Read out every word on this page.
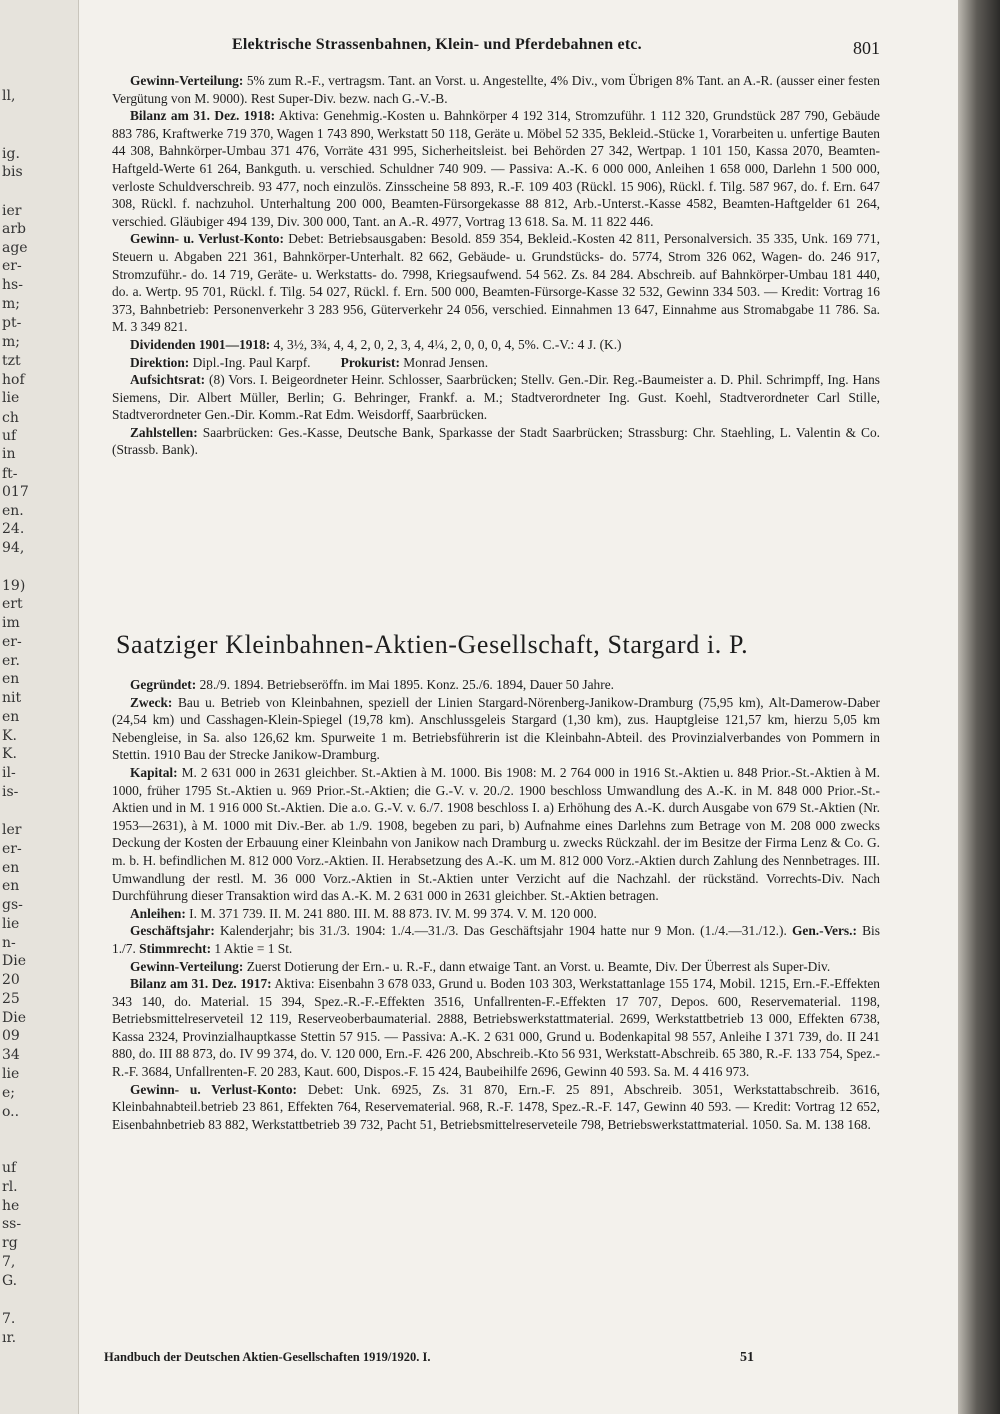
Elektrische Strassenbahnen, Klein- und Pferdebahnen etc.	801

Gewinn-Verteilung: 5% zum R.-F., vertragsm. Tant. an Vorst. u. Angestellte, 4% Div., vom Übrigen 8% Tant. an A.-R. (ausser einer festen Vergütung von M. 9000). Rest Super-Div. bezw. nach G.-V.-B.

Bilanz am 31. Dez. 1918: Aktiva: Genehmig.-Kosten u. Bahnkörper 4 192 314, Stromzuführ. 1 112 320, Grundstück 287 790, Gebäude 883 786, Kraftwerke 719 370, Wagen 1 743 890, Werkstatt 50 118, Geräte u. Möbel 52 335, Bekleid.-Stücke 1, Vorarbeiten u. unfertige Bauten 44 308, Bahnkörper-Umbau 371 476, Vorräte 431 995, Sicherheitsleist. bei Behörden 27 342, Wertpap. 1 101 150, Kassa 2070, Beamten-Haftgeld-Werte 61 264, Bankguth. u. verschied. Schuldner 740 909. — Passiva: A.-K. 6 000 000, Anleihen 1 658 000, Darlehn 1 500 000, verloste Schuldverschreib. 93 477, noch einzulös. Zinsscheine 58 893, R.-F. 109 403 (Rückl. 15 906), Rückl. f. Tilg. 587 967, do. f. Ern. 647 308, Rückl. f. nachzuhol. Unterhaltung 200 000, Beamten-Fürsorgekasse 88 812, Arb.-Unterst.-Kasse 4582, Beamten-Haftgelder 61 264, verschied. Gläubiger 494 139, Div. 300 000, Tant. an A.-R. 4977, Vortrag 13 618. Sa. M. 11 822 446.

Gewinn- u. Verlust-Konto: Debet: Betriebsausgaben: Besold. 859 354, Bekleid.-Kosten 42 811, Personalversich. 35 335, Unk. 169 771, Steuern u. Abgaben 221 361, Bahnkörper-Unterhalt. 82 662, Gebäude- u. Grundstücks- do. 5774, Strom 326 062, Wagen- do. 246 917, Stromzuführ.- do. 14 719, Geräte- u. Werkstatts- do. 7998, Kriegsaufwend. 54 562. Zs. 84 284. Abschreib. auf Bahnkörper-Umbau 181 440, do. a. Wertp. 95 701, Rückl. f. Tilg. 54 027, Rückl. f. Ern. 500 000, Beamten-Fürsorge-Kasse 32 532, Gewinn 334 503. — Kredit: Vortrag 16 373, Bahnbetrieb: Personenverkehr 3 283 956, Güterverkehr 24 056, verschied. Einnahmen 13 647, Einnahme aus Stromabgabe 11 786. Sa. M. 3 349 821.

Dividenden 1901—1918: 4, 3½, 3¾, 4, 4, 2, 0, 2, 3, 4, 4¼, 2, 0, 0, 0, 4, 5%. C.-V.: 4 J. (K.)

Direktion: Dipl.-Ing. Paul Karpf. Prokurist: Monrad Jensen.

Aufsichtsrat: (8) Vors. I. Beigeordneter Heinr. Schlosser, Saarbrücken; Stellv. Gen.-Dir. Reg.-Baumeister a. D. Phil. Schrimpff, Ing. Hans Siemens, Dir. Albert Müller, Berlin; G. Behringer, Frankf. a. M.; Stadtverordneter Ing. Gust. Koehl, Stadtverordneter Carl Stille, Stadtverordneter Gen.-Dir. Komm.-Rat Edm. Weisdorff, Saarbrücken.

Zahlstellen: Saarbrücken: Ges.-Kasse, Deutsche Bank, Sparkasse der Stadt Saarbrücken; Strassburg: Chr. Staehling, L. Valentin & Co. (Strassb. Bank).

Saatziger Kleinbahnen-Aktien-Gesellschaft, Stargard i. P.

Gegründet: 28./9. 1894. Betriebseröffn. im Mai 1895. Konz. 25./6. 1894, Dauer 50 Jahre.

Zweck: Bau u. Betrieb von Kleinbahnen, speziell der Linien Stargard-Nörenberg-Janikow-Dramburg (75,95 km), Alt-Damerow-Daber (24,54 km) und Casshagen-Klein-Spiegel (19,78 km). Anschlussgeleis Stargard (1,30 km), zus. Hauptgleise 121,57 km, hierzu 5,05 km Nebengleise, in Sa. also 126,62 km. Spurweite 1 m. Betriebsführerin ist die Kleinbahn-Abteil. des Provinzialverbandes von Pommern in Stettin. 1910 Bau der Strecke Janikow-Dramburg.

Kapital: M. 2 631 000 in 2631 gleichber. St.-Aktien à M. 1000. Bis 1908: M. 2 764 000 in 1916 St.-Aktien u. 848 Prior.-St.-Aktien à M. 1000, früher 1795 St.-Aktien u. 969 Prior.-St.-Aktien; die G.-V. v. 20./2. 1900 beschloss Umwandlung des A.-K. in M. 848 000 Prior.-St.-Aktien und in M. 1 916 000 St.-Aktien. Die a.o. G.-V. v. 6./7. 1908 beschloss I. a) Erhöhung des A.-K. durch Ausgabe von 679 St.-Aktien (Nr. 1953—2631), à M. 1000 mit Div.-Ber. ab 1./9. 1908, begeben zu pari, b) Aufnahme eines Darlehns zum Betrage von M. 208 000 zwecks Deckung der Kosten der Erbauung einer Kleinbahn von Janikow nach Dramburg u. zwecks Rückzahl. der im Besitze der Firma Lenz & Co. G. m. b. H. befindlichen M. 812 000 Vorz.-Aktien. II. Herabsetzung des A.-K. um M. 812 000 Vorz.-Aktien durch Zahlung des Nennbetrages. III. Umwandlung der restl. M. 36 000 Vorz.-Aktien in St.-Aktien unter Verzicht auf die Nachzahl. der rückständ. Vorrechts-Div. Nach Durchführung dieser Transaktion wird das A.-K. M. 2 631 000 in 2631 gleichber. St.-Aktien betragen.

Anleihen: I. M. 371 739. II. M. 241 880. III. M. 88 873. IV. M. 99 374. V. M. 120 000.

Geschäftsjahr: Kalenderjahr; bis 31./3. 1904: 1./4.—31./3. Das Geschäftsjahr 1904 hatte nur 9 Mon. (1./4.—31./12.). Gen.-Vers.: Bis 1./7. Stimmrecht: 1 Aktie = 1 St.

Gewinn-Verteilung: Zuerst Dotierung der Ern.- u. R.-F., dann etwaige Tant. an Vorst. u. Beamte, Div. Der Überrest als Super-Div.

Bilanz am 31. Dez. 1917: Aktiva: Eisenbahn 3 678 033, Grund u. Boden 103 303, Werkstattanlage 155 174, Mobil. 1215, Ern.-F.-Effekten 343 140, do. Material. 15 394, Spez.-R.-F.-Effekten 3516, Unfallrenten-F.-Effekten 17 707, Depos. 600, Reservematerial. 1198, Betriebsmittelreserveteil 12 119, Reserveoberbaumaterial. 2888, Betriebswerkstattmaterial. 2699, Werkstattbetrieb 13 000, Effekten 6738, Kassa 2324, Provinzialhauptkasse Stettin 57 915. — Passiva: A.-K. 2 631 000, Grund u. Bodenkapital 98 557, Anleihe I 371 739, do. II 241 880, do. III 88 873, do. IV 99 374, do. V. 120 000, Ern.-F. 426 200, Abschreib.-Kto 56 931, Werkstatt-Abschreib. 65 380, R.-F. 133 754, Spez.-R.-F. 3684, Unfallrenten-F. 20 283, Kaut. 600, Dispos.-F. 15 424, Baubeihilfe 2696, Gewinn 40 593. Sa. M. 4 416 973.

Gewinn- u. Verlust-Konto: Debet: Unk. 6925, Zs. 31 870, Ern.-F. 25 891, Abschreib. 3051, Werkstattabschreib. 3616, Kleinbahnabteil.betrieb 23 861, Effekten 764, Reservematerial. 968, R.-F. 1478, Spez.-R.-F. 147, Gewinn 40 593. — Kredit: Vortrag 12 652, Eisenbahnbetrieb 83 882, Werkstattbetrieb 39 732, Pacht 51, Betriebsmittelreserveteile 798, Betriebswerkstattmaterial. 1050. Sa. M. 138 168.

Handbuch der Deutschen Aktien-Gesellschaften 1919/1920. I.	51
ll,
ig.
bis
ier
arb
age
er-
hs-
m;
pt-
m;
tzt
hof
lie
ch
uf
in
ft-
017
en.
24.
94,
19)
ert
im
er-
er.
en
nit
en
K.
K.
il-
is-
ler
er-
en
en
gs-
lie
n-
Die
20
25
Die
09
34
lie
e;
o..
uf
rl.
he
ss-
rg
7,
G.
7.
ır.
